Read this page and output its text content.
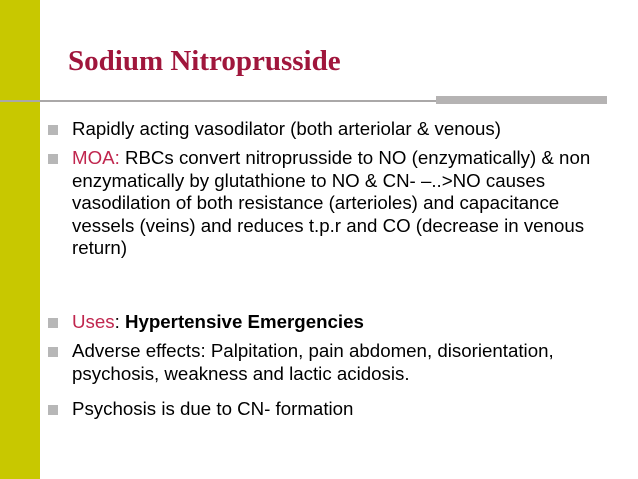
Sodium Nitroprusside
Rapidly acting vasodilator (both arteriolar & venous)
MOA: RBCs convert nitroprusside to NO (enzymatically) & non enzymatically by glutathione to NO & CN- –..>NO causes vasodilation of both resistance (arterioles) and capacitance vessels (veins) and reduces t.p.r and CO (decrease in venous return)
Uses: Hypertensive Emergencies
Adverse effects: Palpitation, pain abdomen, disorientation, psychosis, weakness and lactic acidosis.
Psychosis is due to CN- formation
